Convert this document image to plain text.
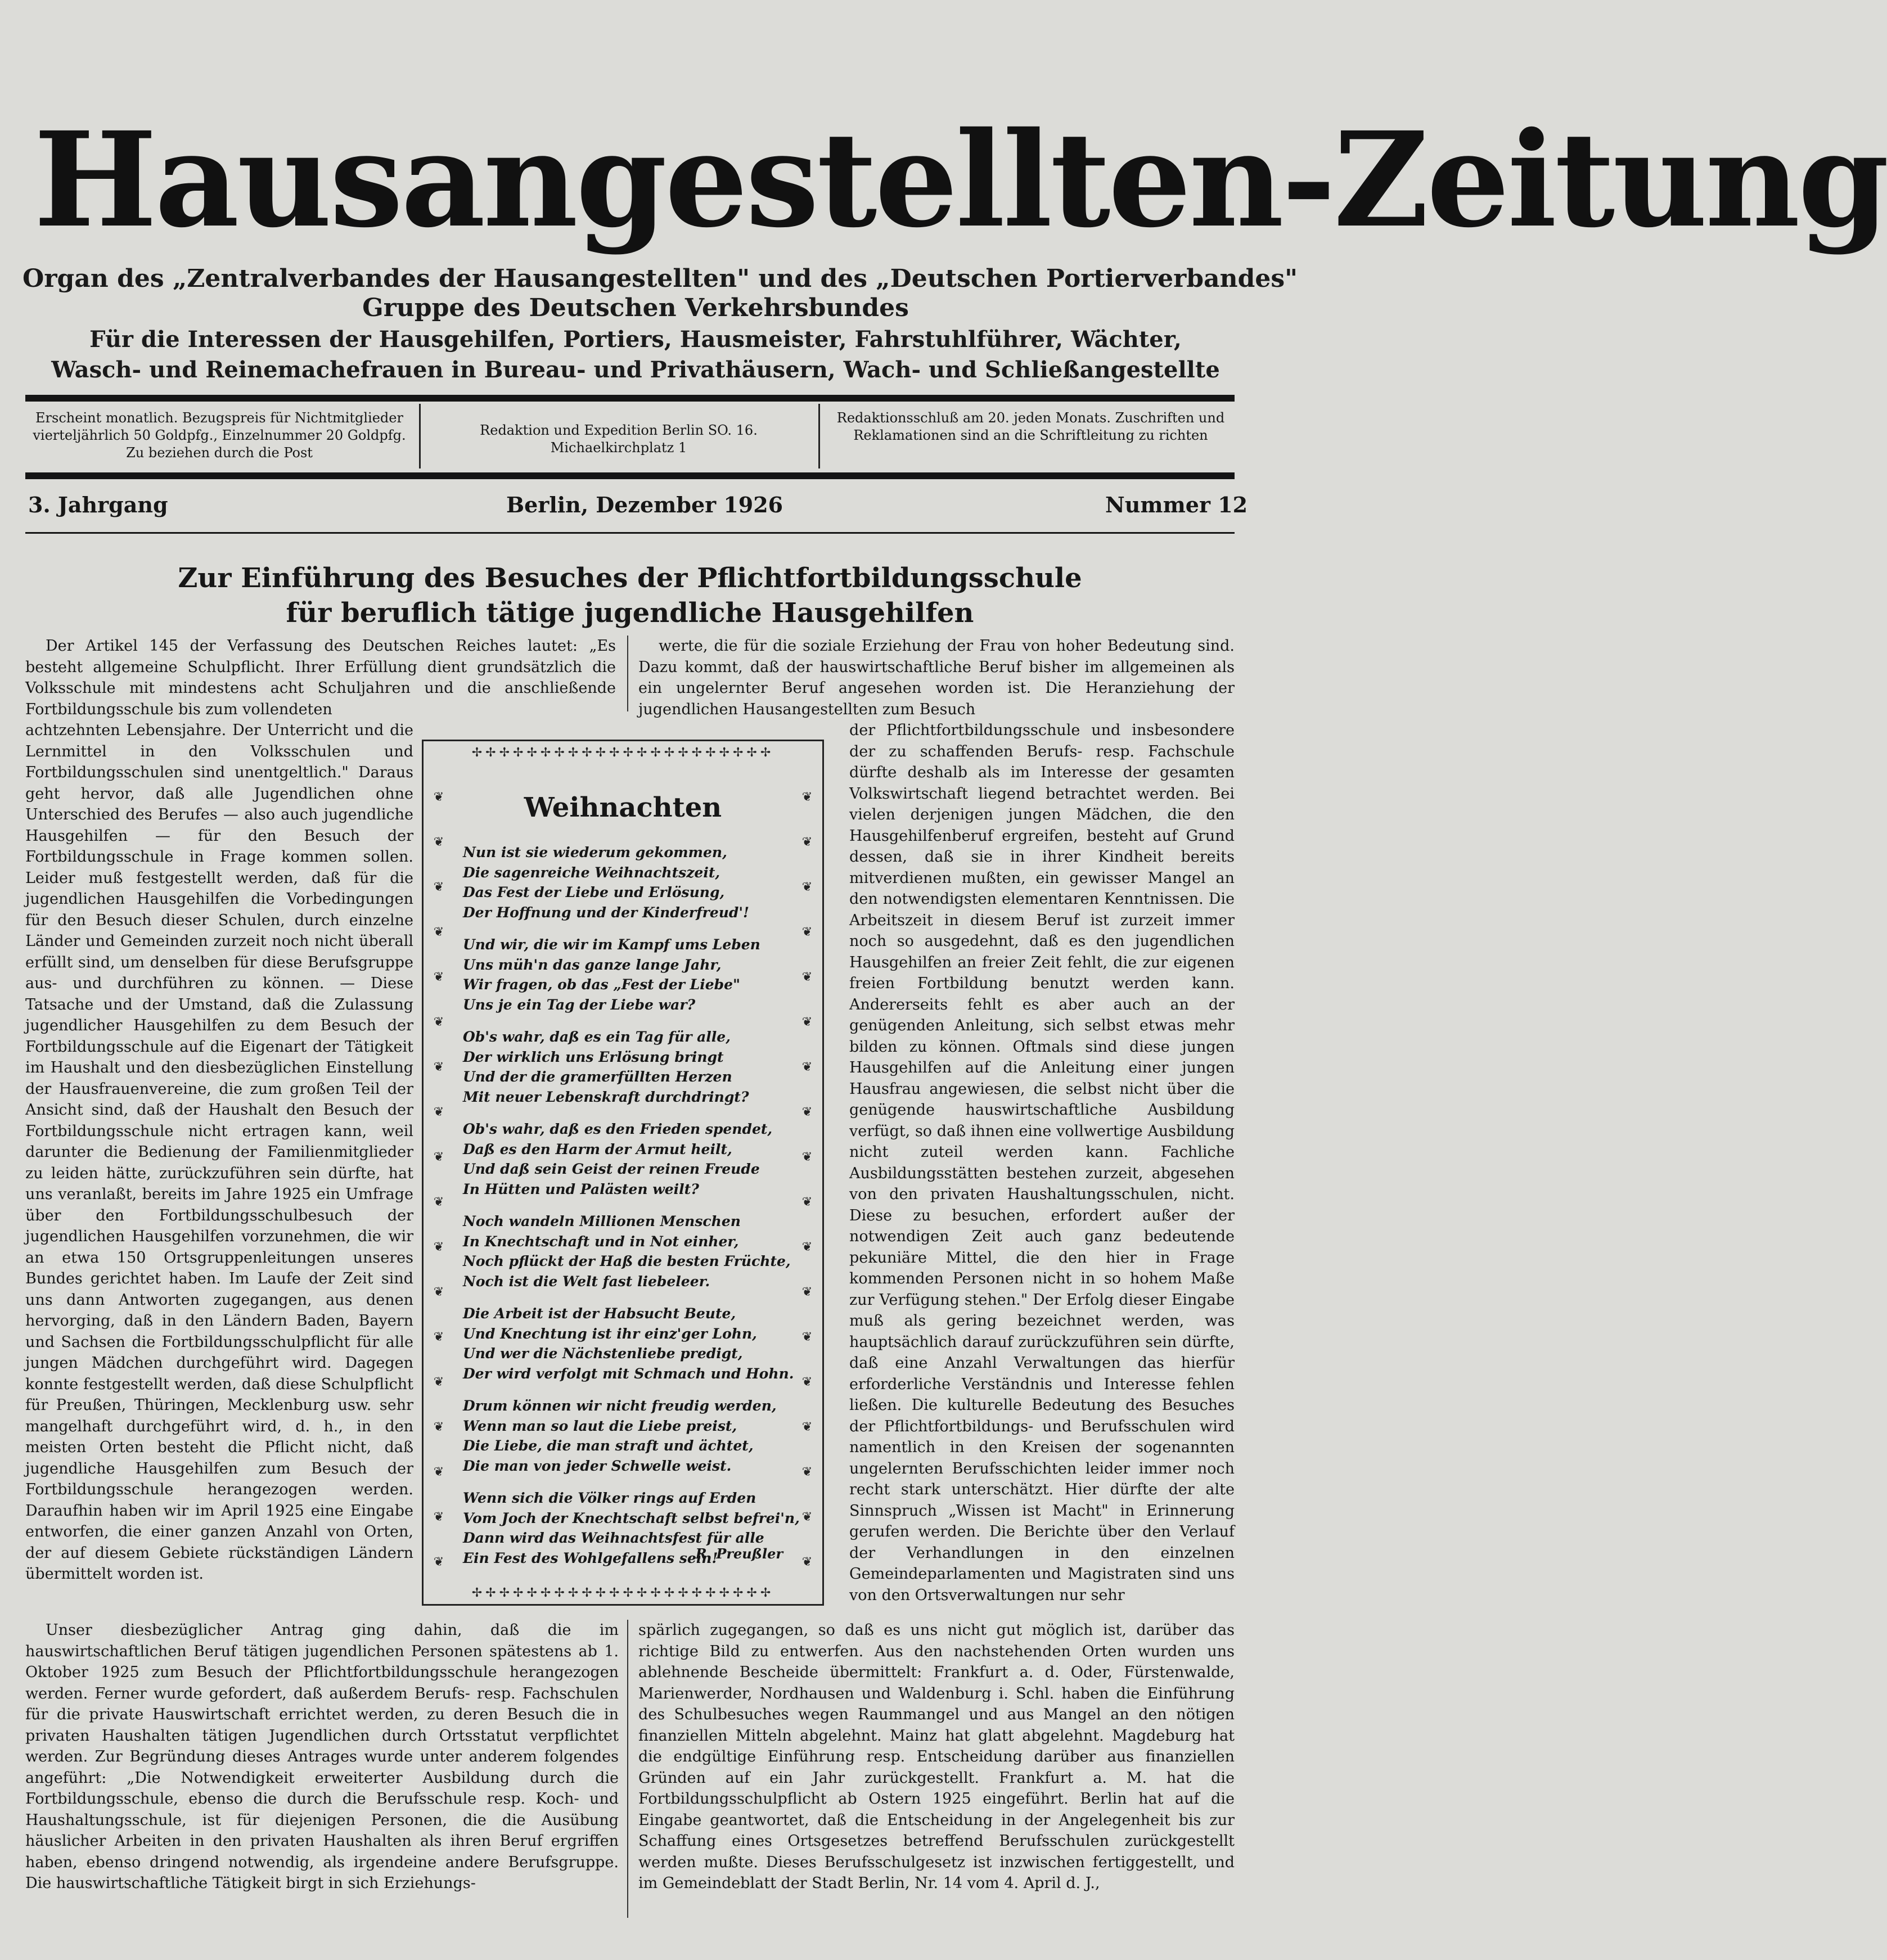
Hausangestellten-Zeitung
Organ des „Zentralverbandes der Hausangestellten" und des „Deutschen Portierverbandes"
Gruppe des Deutschen Verkehrsbundes
Für die Interessen der Hausgehilfen, Portiers, Hausmeister, Fahrstuhlführer, Wächter,
Wasch- und Reinemachefrauen in Bureau- und Privathäusern, Wach- und Schließangestellte
Erscheint monatlich. Bezugspreis für Nichtmitglieder vierteljährlich 50 Goldpfg., Einzelnummer 20 Goldpfg. Zu beziehen durch die Post
Redaktion und Expedition Berlin SO. 16. Michaelkirchplatz 1
Redaktionsschluß am 20. jeden Monats. Zuschriften und Reklamationen sind an die Schriftleitung zu richten
3. Jahrgang	Berlin, Dezember 1926	Nummer 12
Zur Einführung des Besuches der Pflichtfortbildungsschule
für beruflich tätige jugendliche Hausgehilfen

Der Artikel 145 der Verfassung des Deutschen Reiches lautet: „Es besteht allgemeine Schulpflicht. Ihrer Erfüllung dient grundsätzlich die Volksschule mit mindestens acht Schuljahren und die anschließende Fortbildungsschule bis zum vollendeten

werte, die für die soziale Erziehung der Frau von hoher Bedeutung sind. Dazu kommt, daß der hauswirtschaftliche Beruf bisher im allgemeinen als ein ungelernter Beruf angesehen worden ist. Die Heranziehung der jugendlichen Hausangestellten zum Besuch

achtzehnten Lebensjahre. Der Unterricht und die Lernmittel in den Volksschulen und Fortbildungsschulen sind unentgeltlich." Daraus geht hervor, daß alle Jugendlichen ohne Unterschied des Berufes — also auch jugendliche Hausgehilfen — für den Besuch der Fortbildungsschule in Frage kommen sollen. Leider muß festgestellt werden, daß für die jugendlichen Hausgehilfen die Vorbedingungen für den Besuch dieser Schulen, durch einzelne Länder und Gemeinden zurzeit noch nicht überall erfüllt sind, um denselben für diese Berufsgruppe aus- und durchführen zu können. — Diese Tatsache und der Umstand, daß die Zulassung jugendlicher Hausgehilfen zu dem Besuch der Fortbildungsschule auf die Eigenart der Tätigkeit im Haushalt und den diesbezüglichen Einstellung der Hausfrauenvereine, die zum großen Teil der Ansicht sind, daß der Haushalt den Besuch der Fortbildungsschule nicht ertragen kann, weil darunter die Bedienung der Familienmitglieder zu leiden hätte, zurückzuführen sein dürfte, hat uns veranlaßt, bereits im Jahre 1925 ein Umfrage über den Fortbildungsschulbesuch der jugendlichen Hausgehilfen vorzunehmen, die wir an etwa 150 Ortsgruppenleitungen unseres Bundes gerichtet haben. Im Laufe der Zeit sind uns dann Antworten zugegangen, aus denen hervorging, daß in den Ländern Baden, Bayern und Sachsen die Fortbildungsschulpflicht für alle jungen Mädchen durchgeführt wird. Dagegen konnte festgestellt werden, daß diese Schulpflicht für Preußen, Thüringen, Mecklenburg usw. sehr mangelhaft durchgeführt wird, d. h., in den meisten Orten besteht die Pflicht nicht, daß jugendliche Hausgehilfen zum Besuch der Fortbildungsschule herangezogen werden. Daraufhin haben wir im April 1925 eine Eingabe entworfen, die einer ganzen Anzahl von Orten, der auf diesem Gebiete rückständigen Ländern übermittelt worden ist.

✢✢✢✢✢✢✢✢✢✢✢✢✢✢✢✢✢✢✢✢✢✢
❦
❦
❦
❦
❦
❦
❦
❦
❦
❦
❦
❦
❦
❦
❦
❦
❦
❦
❦
❦
❦
❦
❦
❦
❦
❦
❦
❦
❦
❦
❦
❦
❦
❦
❦
❦
Weihnachten
Nun ist sie wiederum gekommen,
Die sagenreiche Weihnachtszeit,
Das Fest der Liebe und Erlösung,
Der Hoffnung und der Kinderfreud'!
Und wir, die wir im Kampf ums Leben
Uns müh'n das ganze lange Jahr,
Wir fragen, ob das „Fest der Liebe"
Uns je ein Tag der Liebe war?
Ob's wahr, daß es ein Tag für alle,
Der wirklich uns Erlösung bringt
Und der die gramerfüllten Herzen
Mit neuer Lebenskraft durchdringt?
Ob's wahr, daß es den Frieden spendet,
Daß es den Harm der Armut heilt,
Und daß sein Geist der reinen Freude
In Hütten und Palästen weilt?
Noch wandeln Millionen Menschen
In Knechtschaft und in Not einher,
Noch pflückt der Haß die besten Früchte,
Noch ist die Welt fast liebeleer.
Die Arbeit ist der Habsucht Beute,
Und Knechtung ist ihr einz'ger Lohn,
Und wer die Nächstenliebe predigt,
Der wird verfolgt mit Schmach und Hohn.
Drum können wir nicht freudig werden,
Wenn man so laut die Liebe preist,
Die Liebe, die man straft und ächtet,
Die man von jeder Schwelle weist.
Wenn sich die Völker rings auf Erden
Vom Joch der Knechtschaft selbst befrei'n,
Dann wird das Weihnachtsfest für alle
Ein Fest des Wohlgefallens sein!
R. Preußler
✢✢✢✢✢✢✢✢✢✢✢✢✢✢✢✢✢✢✢✢✢✢

der Pflichtfortbildungsschule und insbesondere der zu schaffenden Berufs- resp. Fachschule dürfte deshalb als im Interesse der gesamten Volkswirtschaft liegend betrachtet werden. Bei vielen derjenigen jungen Mädchen, die den Hausgehilfenberuf ergreifen, besteht auf Grund dessen, daß sie in ihrer Kindheit bereits mitverdienen mußten, ein gewisser Mangel an den notwendigsten elementaren Kenntnissen. Die Arbeitszeit in diesem Beruf ist zurzeit immer noch so ausgedehnt, daß es den jugendlichen Hausgehilfen an freier Zeit fehlt, die zur eigenen freien Fortbildung benutzt werden kann. Andererseits fehlt es aber auch an der genügenden Anleitung, sich selbst etwas mehr bilden zu können. Oftmals sind diese jungen Hausgehilfen auf die Anleitung einer jungen Hausfrau angewiesen, die selbst nicht über die genügende hauswirtschaftliche Ausbildung verfügt, so daß ihnen eine vollwertige Ausbildung nicht zuteil werden kann. Fachliche Ausbildungsstätten bestehen zurzeit, abgesehen von den privaten Haushaltungsschulen, nicht. Diese zu besuchen, erfordert außer der notwendigen Zeit auch ganz bedeutende pekuniäre Mittel, die den hier in Frage kommenden Personen nicht in so hohem Maße zur Verfügung stehen." Der Erfolg dieser Eingabe muß als gering bezeichnet werden, was hauptsächlich darauf zurückzuführen sein dürfte, daß eine Anzahl Verwaltungen das hierfür erforderliche Verständnis und Interesse fehlen ließen. Die kulturelle Bedeutung des Besuches der Pflichtfortbildungs- und Berufsschulen wird namentlich in den Kreisen der sogenannten ungelernten Berufsschichten leider immer noch recht stark unterschätzt. Hier dürfte der alte Sinnspruch „Wissen ist Macht" in Erinnerung gerufen werden. Die Berichte über den Verlauf der Verhandlungen in den einzelnen Gemeindeparlamenten und Magistraten sind uns von den Ortsverwaltungen nur sehr

Unser diesbezüglicher Antrag ging dahin, daß die im hauswirtschaftlichen Beruf tätigen jugendlichen Personen spätestens ab 1. Oktober 1925 zum Besuch der Pflichtfortbildungsschule herangezogen werden. Ferner wurde gefordert, daß außerdem Berufs- resp. Fachschulen für die private Hauswirtschaft errichtet werden, zu deren Besuch die in privaten Haushalten tätigen Jugendlichen durch Ortsstatut verpflichtet werden. Zur Begründung dieses Antrages wurde unter anderem folgendes angeführt: „Die Notwendigkeit erweiterter Ausbildung durch die Fortbildungsschule, ebenso die durch die Berufsschule resp. Koch- und Haushaltungsschule, ist für diejenigen Personen, die die Ausübung häuslicher Arbeiten in den privaten Haushalten als ihren Beruf ergriffen haben, ebenso dringend notwendig, als irgendeine andere Berufsgruppe. Die hauswirtschaftliche Tätigkeit birgt in sich Erziehungs-

spärlich zugegangen, so daß es uns nicht gut möglich ist, darüber das richtige Bild zu entwerfen. Aus den nachstehenden Orten wurden uns ablehnende Bescheide übermittelt: Frankfurt a. d. Oder, Fürstenwalde, Marienwerder, Nordhausen und Waldenburg i. Schl. haben die Einführung des Schulbesuches wegen Raummangel und aus Mangel an den nötigen finanziellen Mitteln abgelehnt. Mainz hat glatt abgelehnt. Magdeburg hat die endgültige Einführung resp. Entscheidung darüber aus finanziellen Gründen auf ein Jahr zurückgestellt. Frankfurt a. M. hat die Fortbildungsschulpflicht ab Ostern 1925 eingeführt. Berlin hat auf die Eingabe geantwortet, daß die Entscheidung in der Angelegenheit bis zur Schaffung eines Ortsgesetzes betreffend Berufsschulen zurückgestellt werden mußte. Dieses Berufsschulgesetz ist inzwischen fertiggestellt, und im Gemeindeblatt der Stadt Berlin, Nr. 14 vom 4. April d. J.,
